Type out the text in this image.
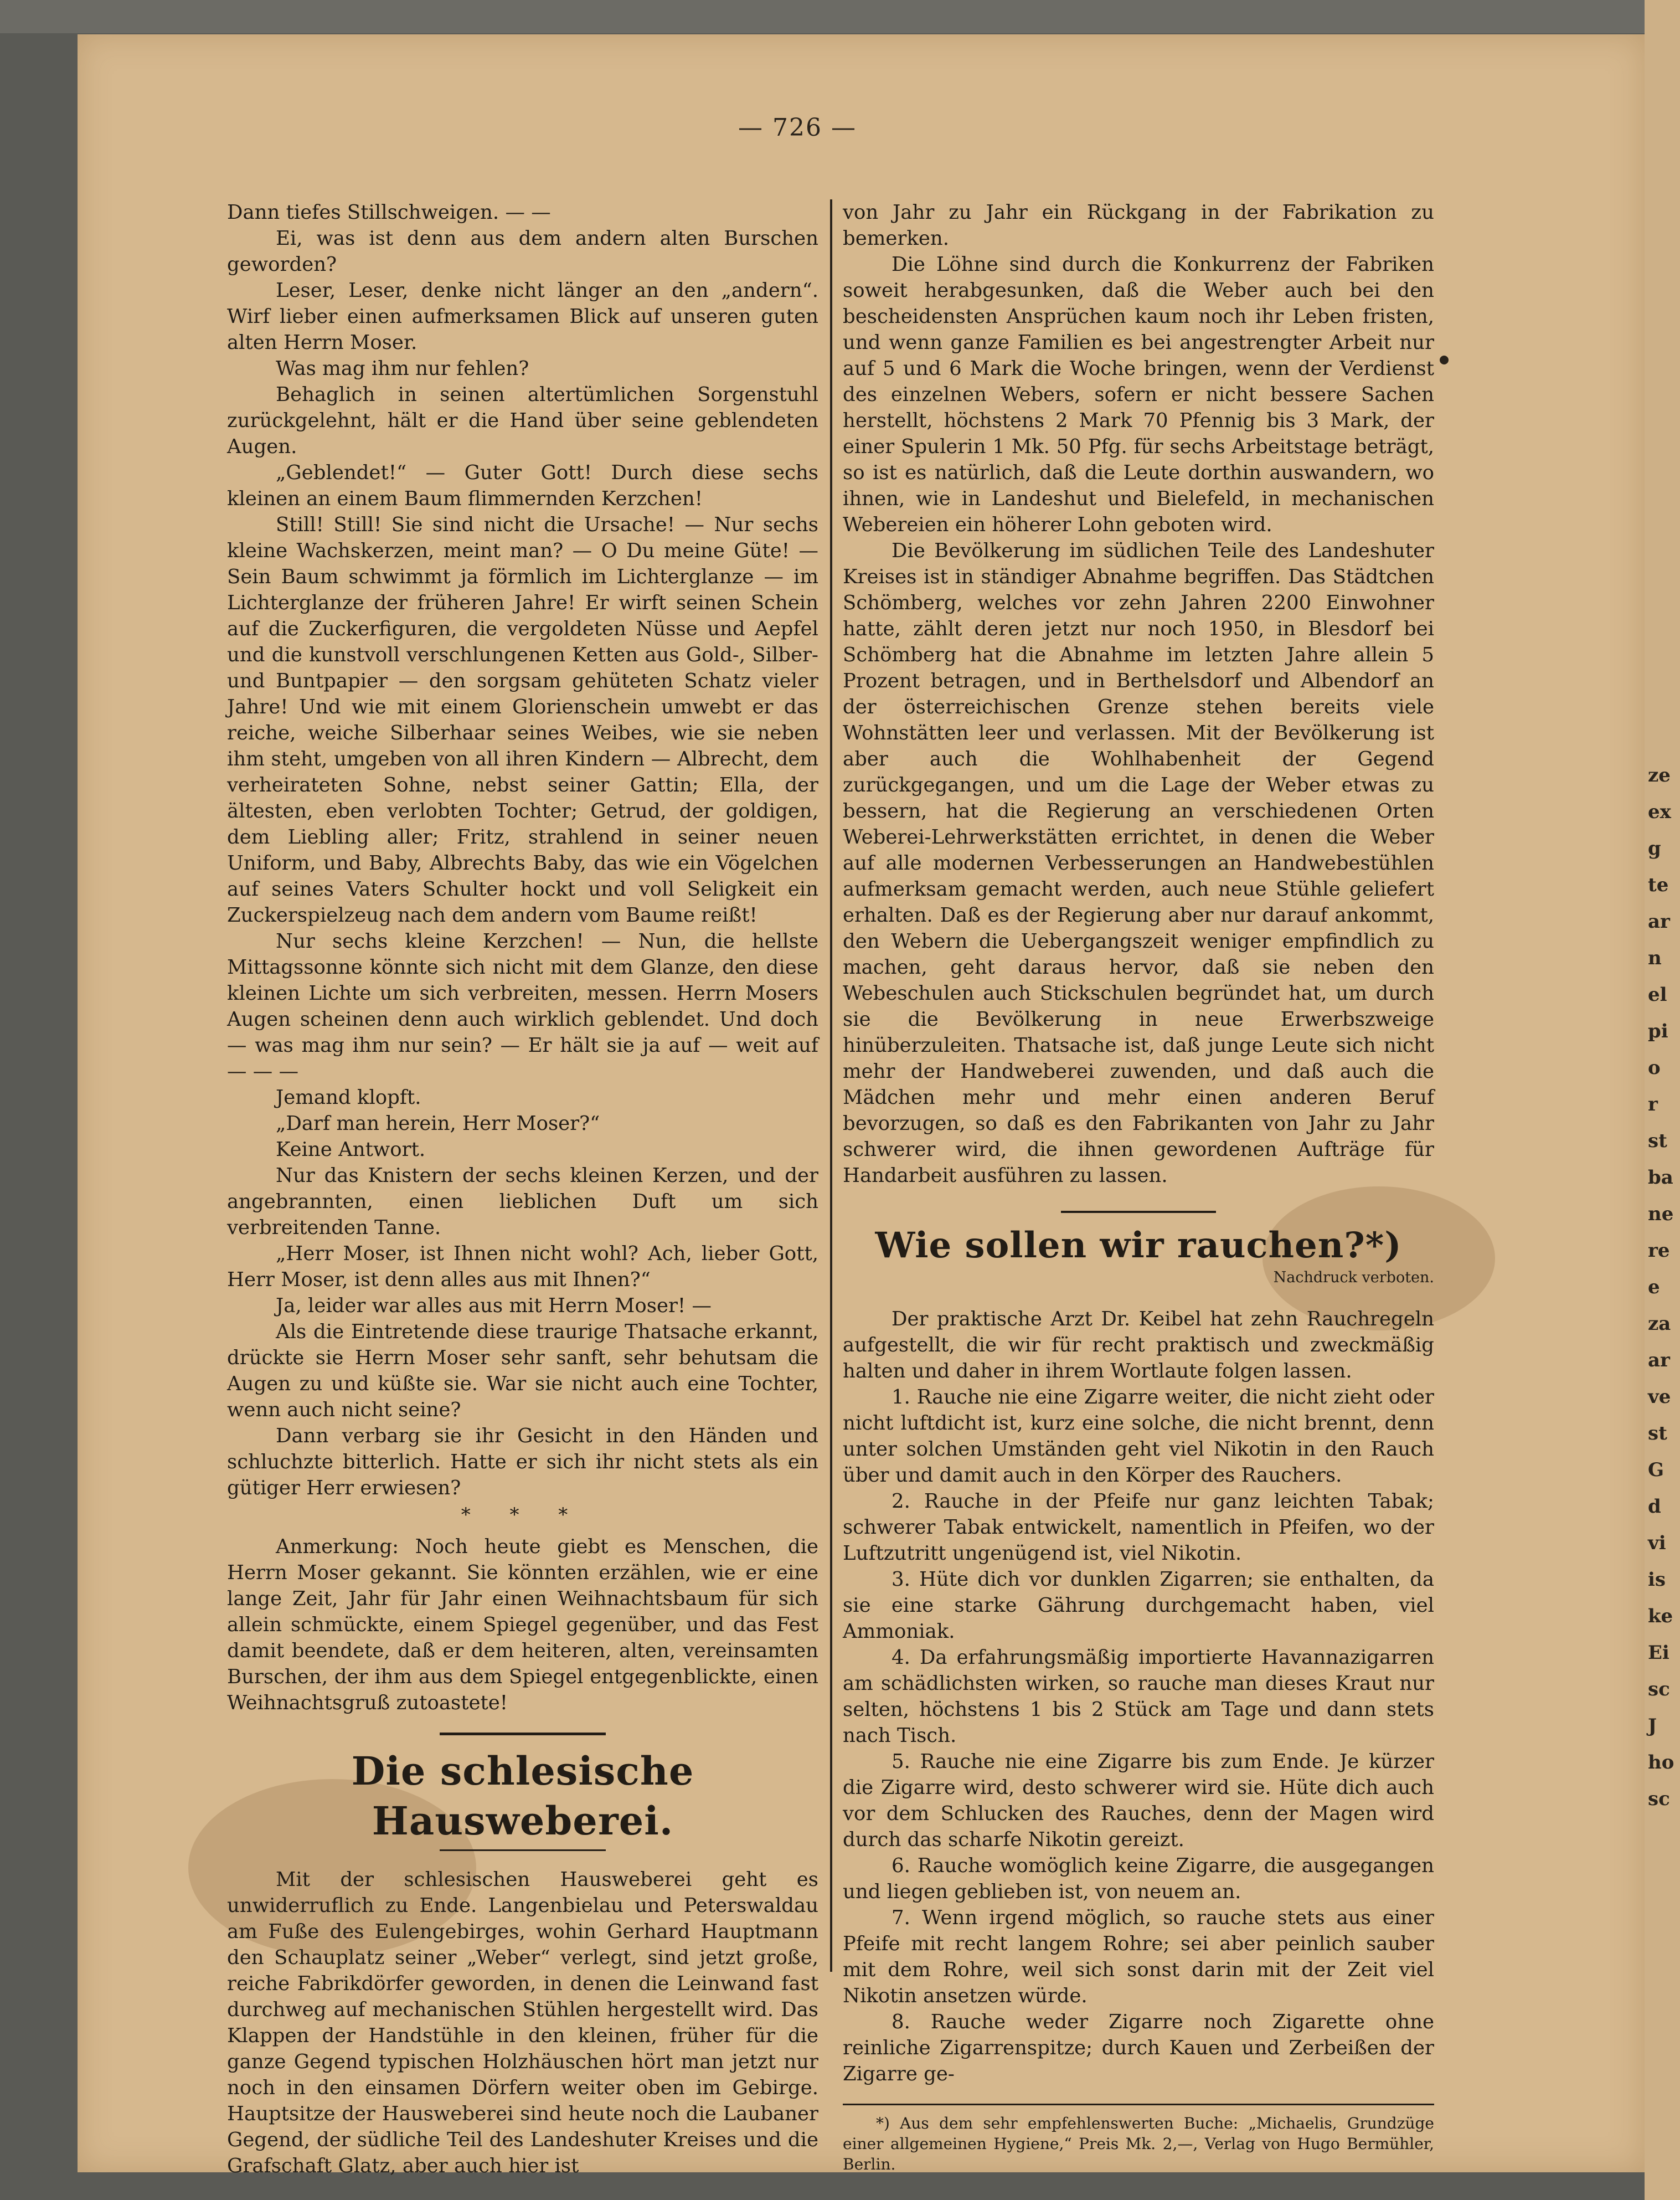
— 726 —

Dann tiefes Stillschweigen. — —

Ei, was ist denn aus dem andern alten Burschen geworden?

Leser, Leser, denke nicht länger an den „andern“. Wirf lieber einen aufmerksamen Blick auf unseren guten alten Herrn Moser.

Was mag ihm nur fehlen?

Behaglich in seinen altertümlichen Sorgenstuhl zurückgelehnt, hält er die Hand über seine geblendeten Augen.

„Geblendet!“ — Guter Gott! Durch diese sechs kleinen an einem Baum flimmernden Kerzchen!

Still! Still! Sie sind nicht die Ursache! — Nur sechs kleine Wachskerzen, meint man? — O Du meine Güte! — Sein Baum schwimmt ja förmlich im Lichterglanze — im Lichterglanze der früheren Jahre! Er wirft seinen Schein auf die Zuckerfiguren, die vergoldeten Nüsse und Aepfel und die kunstvoll verschlungenen Ketten aus Gold-, Silber- und Buntpapier — den sorgsam gehüteten Schatz vieler Jahre! Und wie mit einem Glorienschein umwebt er das reiche, weiche Silberhaar seines Weibes, wie sie neben ihm steht, umgeben von all ihren Kindern — Albrecht, dem verheirateten Sohne, nebst seiner Gattin; Ella, der ältesten, eben verlobten Tochter; Getrud, der goldigen, dem Liebling aller; Fritz, strahlend in seiner neuen Uniform, und Baby, Albrechts Baby, das wie ein Vögelchen auf seines Vaters Schulter hockt und voll Seligkeit ein Zuckerspielzeug nach dem andern vom Baume reißt!

Nur sechs kleine Kerzchen! — Nun, die hellste Mittagssonne könnte sich nicht mit dem Glanze, den diese kleinen Lichte um sich verbreiten, messen. Herrn Mosers Augen scheinen denn auch wirklich geblendet. Und doch — was mag ihm nur sein? — Er hält sie ja auf — weit auf — — —

Jemand klopft.

„Darf man herein, Herr Moser?“

Keine Antwort.

Nur das Knistern der sechs kleinen Kerzen, und der angebrannten, einen lieblichen Duft um sich verbreitenden Tanne.

„Herr Moser, ist Ihnen nicht wohl? Ach, lieber Gott, Herr Moser, ist denn alles aus mit Ihnen?“

Ja, leider war alles aus mit Herrn Moser! —

Als die Eintretende diese traurige Thatsache erkannt, drückte sie Herrn Moser sehr sanft, sehr behutsam die Augen zu und küßte sie. War sie nicht auch eine Tochter, wenn auch nicht seine?

Dann verbarg sie ihr Gesicht in den Händen und schluchzte bitterlich. Hatte er sich ihr nicht stets als ein gütiger Herr erwiesen?

* * *

Anmerkung: Noch heute giebt es Menschen, die Herrn Moser gekannt. Sie könnten erzählen, wie er eine lange Zeit, Jahr für Jahr einen Weihnachtsbaum für sich allein schmückte, einem Spiegel gegenüber, und das Fest damit beendete, daß er dem heiteren, alten, vereinsamten Burschen, der ihm aus dem Spiegel entgegenblickte, einen Weihnachtsgruß zutoastete!

Die schlesische Hausweberei.

Mit der schlesischen Hausweberei geht es unwiderruflich zu Ende. Langenbielau und Peterswaldau am Fuße des Eulengebirges, wohin Gerhard Hauptmann den Schauplatz seiner „Weber“ verlegt, sind jetzt große, reiche Fabrikdörfer geworden, in denen die Leinwand fast durchweg auf mechanischen Stühlen hergestellt wird. Das Klappen der Handstühle in den kleinen, früher für die ganze Gegend typischen Holzhäuschen hört man jetzt nur noch in den einsamen Dörfern weiter oben im Gebirge. Hauptsitze der Hausweberei sind heute noch die Laubaner Gegend, der südliche Teil des Landeshuter Kreises und die Grafschaft Glatz, aber auch hier ist

von Jahr zu Jahr ein Rückgang in der Fabrikation zu bemerken.

Die Löhne sind durch die Konkurrenz der Fabriken soweit herabgesunken, daß die Weber auch bei den bescheidensten Ansprüchen kaum noch ihr Leben fristen, und wenn ganze Familien es bei angestrengter Arbeit nur auf 5 und 6 Mark die Woche bringen, wenn der Verdienst des einzelnen Webers, sofern er nicht bessere Sachen herstellt, höchstens 2 Mark 70 Pfennig bis 3 Mark, der einer Spulerin 1 Mk. 50 Pfg. für sechs Arbeitstage beträgt, so ist es natürlich, daß die Leute dorthin auswandern, wo ihnen, wie in Landeshut und Bielefeld, in mechanischen Webereien ein höherer Lohn geboten wird.

Die Bevölkerung im südlichen Teile des Landeshuter Kreises ist in ständiger Abnahme begriffen. Das Städtchen Schömberg, welches vor zehn Jahren 2200 Einwohner hatte, zählt deren jetzt nur noch 1950, in Blesdorf bei Schömberg hat die Abnahme im letzten Jahre allein 5 Prozent betragen, und in Berthelsdorf und Albendorf an der österreichischen Grenze stehen bereits viele Wohnstätten leer und verlassen. Mit der Bevölkerung ist aber auch die Wohlhabenheit der Gegend zurückgegangen, und um die Lage der Weber etwas zu bessern, hat die Regierung an verschiedenen Orten Weberei-Lehrwerkstätten errichtet, in denen die Weber auf alle modernen Verbesserungen an Handwebestühlen aufmerksam gemacht werden, auch neue Stühle geliefert erhalten. Daß es der Regierung aber nur darauf ankommt, den Webern die Uebergangszeit weniger empfindlich zu machen, geht daraus hervor, daß sie neben den Webeschulen auch Stickschulen begründet hat, um durch sie die Bevölkerung in neue Erwerbszweige hinüberzuleiten. Thatsache ist, daß junge Leute sich nicht mehr der Handweberei zuwenden, und daß auch die Mädchen mehr und mehr einen anderen Beruf bevorzugen, so daß es den Fabrikanten von Jahr zu Jahr schwerer wird, die ihnen gewordenen Aufträge für Handarbeit ausführen zu lassen.

Wie sollen wir rauchen?*)
Nachdruck verboten.

Der praktische Arzt Dr. Keibel hat zehn Rauchregeln aufgestellt, die wir für recht praktisch und zweckmäßig halten und daher in ihrem Wortlaute folgen lassen.

1. Rauche nie eine Zigarre weiter, die nicht zieht oder nicht luftdicht ist, kurz eine solche, die nicht brennt, denn unter solchen Umständen geht viel Nikotin in den Rauch über und damit auch in den Körper des Rauchers.

2. Rauche in der Pfeife nur ganz leichten Tabak; schwerer Tabak entwickelt, namentlich in Pfeifen, wo der Luftzutritt ungenügend ist, viel Nikotin.

3. Hüte dich vor dunklen Zigarren; sie enthalten, da sie eine starke Gährung durchgemacht haben, viel Ammoniak.

4. Da erfahrungsmäßig importierte Havannazigarren am schädlichsten wirken, so rauche man dieses Kraut nur selten, höchstens 1 bis 2 Stück am Tage und dann stets nach Tisch.

5. Rauche nie eine Zigarre bis zum Ende. Je kürzer die Zigarre wird, desto schwerer wird sie. Hüte dich auch vor dem Schlucken des Rauches, denn der Magen wird durch das scharfe Nikotin gereizt.

6. Rauche womöglich keine Zigarre, die ausgegangen und liegen geblieben ist, von neuem an.

7. Wenn irgend möglich, so rauche stets aus einer Pfeife mit recht langem Rohre; sei aber peinlich sauber mit dem Rohre, weil sich sonst darin mit der Zeit viel Nikotin ansetzen würde.

8. Rauche weder Zigarre noch Zigarette ohne reinliche Zigarrenspitze; durch Kauen und Zerbeißen der Zigarre ge-

*) Aus dem sehr empfehlenswerten Buche: „Michaelis, Grundzüge einer allgemeinen Hygiene,“ Preis Mk. 2,—, Verlag von Hugo Bermühler, Berlin.
ze
ex
g
te
ar
n
el
pi
o
r
st
ba
ne
re
e
za
ar
ve
st
G
d
vi
is
ke
Ei
sc
J
ho
sc
